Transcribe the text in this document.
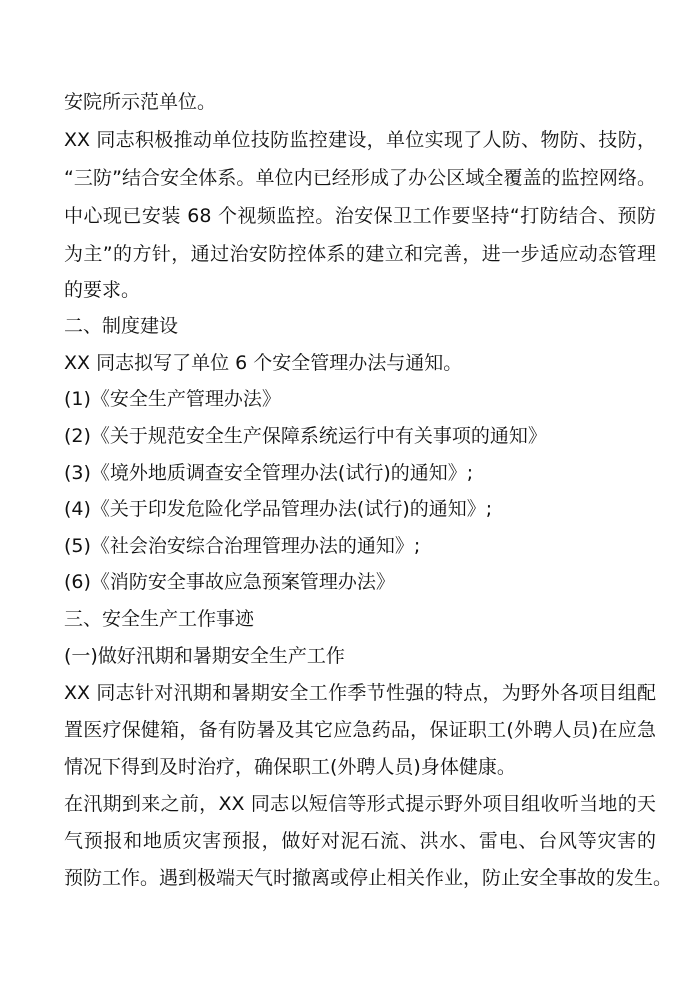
安院所示范单位。
XX 同志积极推动单位技防监控建设，单位实现了人防、物防、技防，
“三防”结合安全体系。单位内已经形成了办公区域全覆盖的监控网络。
中心现已安装 68 个视频监控。治安保卫工作要坚持“打防结合、预防
为主”的方针，通过治安防控体系的建立和完善，进一步适应动态管理
的要求。
二、制度建设
XX 同志拟写了单位 6 个安全管理办法与通知。
(1)《安全生产管理办法》
(2)《关于规范安全生产保障系统运行中有关事项的通知》
(3)《境外地质调查安全管理办法(试行)的通知》;
(4)《关于印发危险化学品管理办法(试行)的通知》;
(5)《社会治安综合治理管理办法的通知》;
(6)《消防安全事故应急预案管理办法》
三、安全生产工作事迹
(一)做好汛期和暑期安全生产工作
XX 同志针对汛期和暑期安全工作季节性强的特点，为野外各项目组配
置医疗保健箱，备有防暑及其它应急药品，保证职工(外聘人员)在应急
情况下得到及时治疗，确保职工(外聘人员)身体健康。
在汛期到来之前，XX 同志以短信等形式提示野外项目组收听当地的天
气预报和地质灾害预报，做好对泥石流、洪水、雷电、台风等灾害的
预防工作。遇到极端天气时撤离或停止相关作业，防止安全事故的发生。
